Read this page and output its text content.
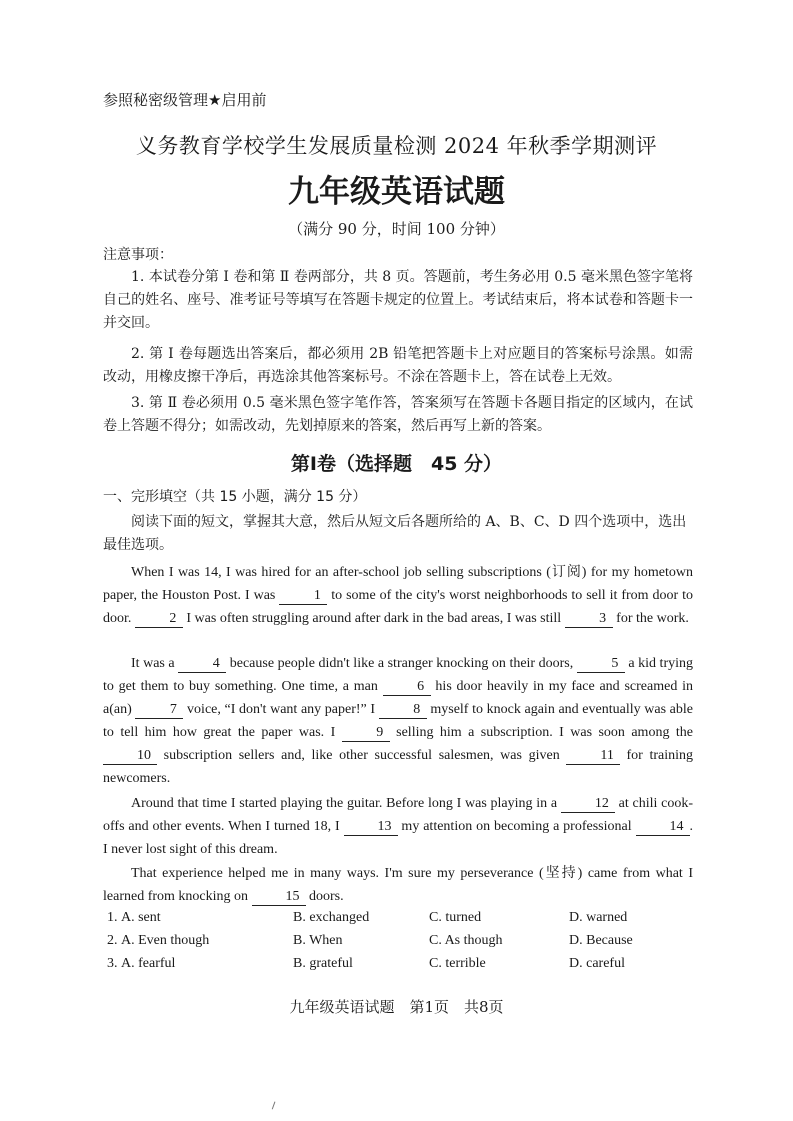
参照秘密级管理★启用前
义务教育学校学生发展质量检测 2024 年秋季学期测评
九年级英语试题
（满分 90 分，时间 100 分钟）
注意事项：
1. 本试卷分第 Ⅰ 卷和第 Ⅱ 卷两部分，共 8 页。答题前，考生务必用 0.5 毫米黑色签字笔将自己的姓名、座号、准考证号等填写在答题卡规定的位置上。考试结束后，将本试卷和答题卡一并交回。
2. 第 Ⅰ 卷每题选出答案后，都必须用 2B 铅笔把答题卡上对应题目的答案标号涂黑。如需改动，用橡皮擦干净后，再选涂其他答案标号。不涂在答题卡上，答在试卷上无效。
3. 第 Ⅱ 卷必须用 0.5 毫米黑色签字笔作答，答案须写在答题卡各题目指定的区域内，在试卷上答题不得分；如需改动，先划掉原来的答案，然后再写上新的答案。
第Ⅰ卷（选择题　45 分）
一、完形填空（共 15 小题，满分 15 分）
阅读下面的短文，掌握其大意，然后从短文后各题所给的 A、B、C、D 四个选项中，选出最佳选项。
When I was 14, I was hired for an after-school job selling subscriptions (订阅) for my hometown paper, the Houston Post. I was 1 to some of the city's worst neighborhoods to sell it from door to door. 2 I was often struggling around after dark in the bad areas, I was still 3 for the work.
It was a 4 because people didn't like a stranger knocking on their doors, 5 a kid trying to get them to buy something. One time, a man 6 his door heavily in my face and screamed in a(an) 7 voice, “I don't want any paper!” I 8 myself to knock again and eventually was able to tell him how great the paper was. I 9 selling him a subscription. I was soon among the 10 subscription sellers and, like other successful salesmen, was given 11 for training newcomers.
Around that time I started playing the guitar. Before long I was playing in a 12 at chili cook-offs and other events. When I turned 18, I 13 my attention on becoming a professional 14 . I never lost sight of this dream.
That experience helped me in many ways. I'm sure my perseverance (坚持) came from what I learned from knocking on 15 doors.
1. A. sent	B. exchanged	C. turned	D. warned
2. A. Even though	B. When	C. As though	D. Because
3. A. fearful	B. grateful	C. terrible	D. careful
九年级英语试题　第1页　共8页
